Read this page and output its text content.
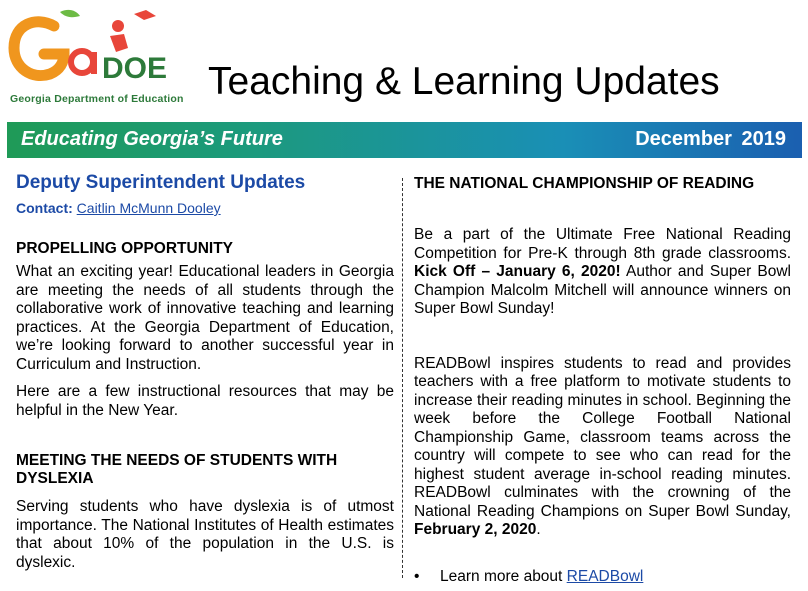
DOE
Georgia Department of Education Teaching & Learning Updates
Educating Georgia’s Future	December 2019
Deputy Superintendent Updates
Contact: Caitlin McMunn Dooley
PROPELLING OPPORTUNITY

What an exciting year! Educational leaders in Georgia are meeting the needs of all students through the collaborative work of innovative teaching and learning practices. At the Georgia Department of Education, we’re looking forward to another successful year in Curriculum and Instruction.

Here are a few instructional resources that may be helpful in the New Year.

MEETING THE NEEDS OF STUDENTS WITH DYSLEXIA

Serving students who have dyslexia is of utmost importance. The National Institutes of Health estimates that about 10% of the population in the U.S. is dyslexic.

THE NATIONAL CHAMPIONSHIP OF READING

Be a part of the Ultimate Free National Reading Competition for Pre-K through 8th grade classrooms. Kick Off – January 6, 2020! Author and Super Bowl Champion Malcolm Mitchell will announce winners on Super Bowl Sunday!

READBowl inspires students to read and provides teachers with a free platform to motivate students to increase their reading minutes in school. Beginning the week before the College Football National Championship Game, classroom teams across the country will compete to see who can read for the highest student average in-school reading minutes. READBowl culminates with the crowning of the National Reading Champions on Super Bowl Sunday, February 2, 2020.

•	Learn more about READBowl
